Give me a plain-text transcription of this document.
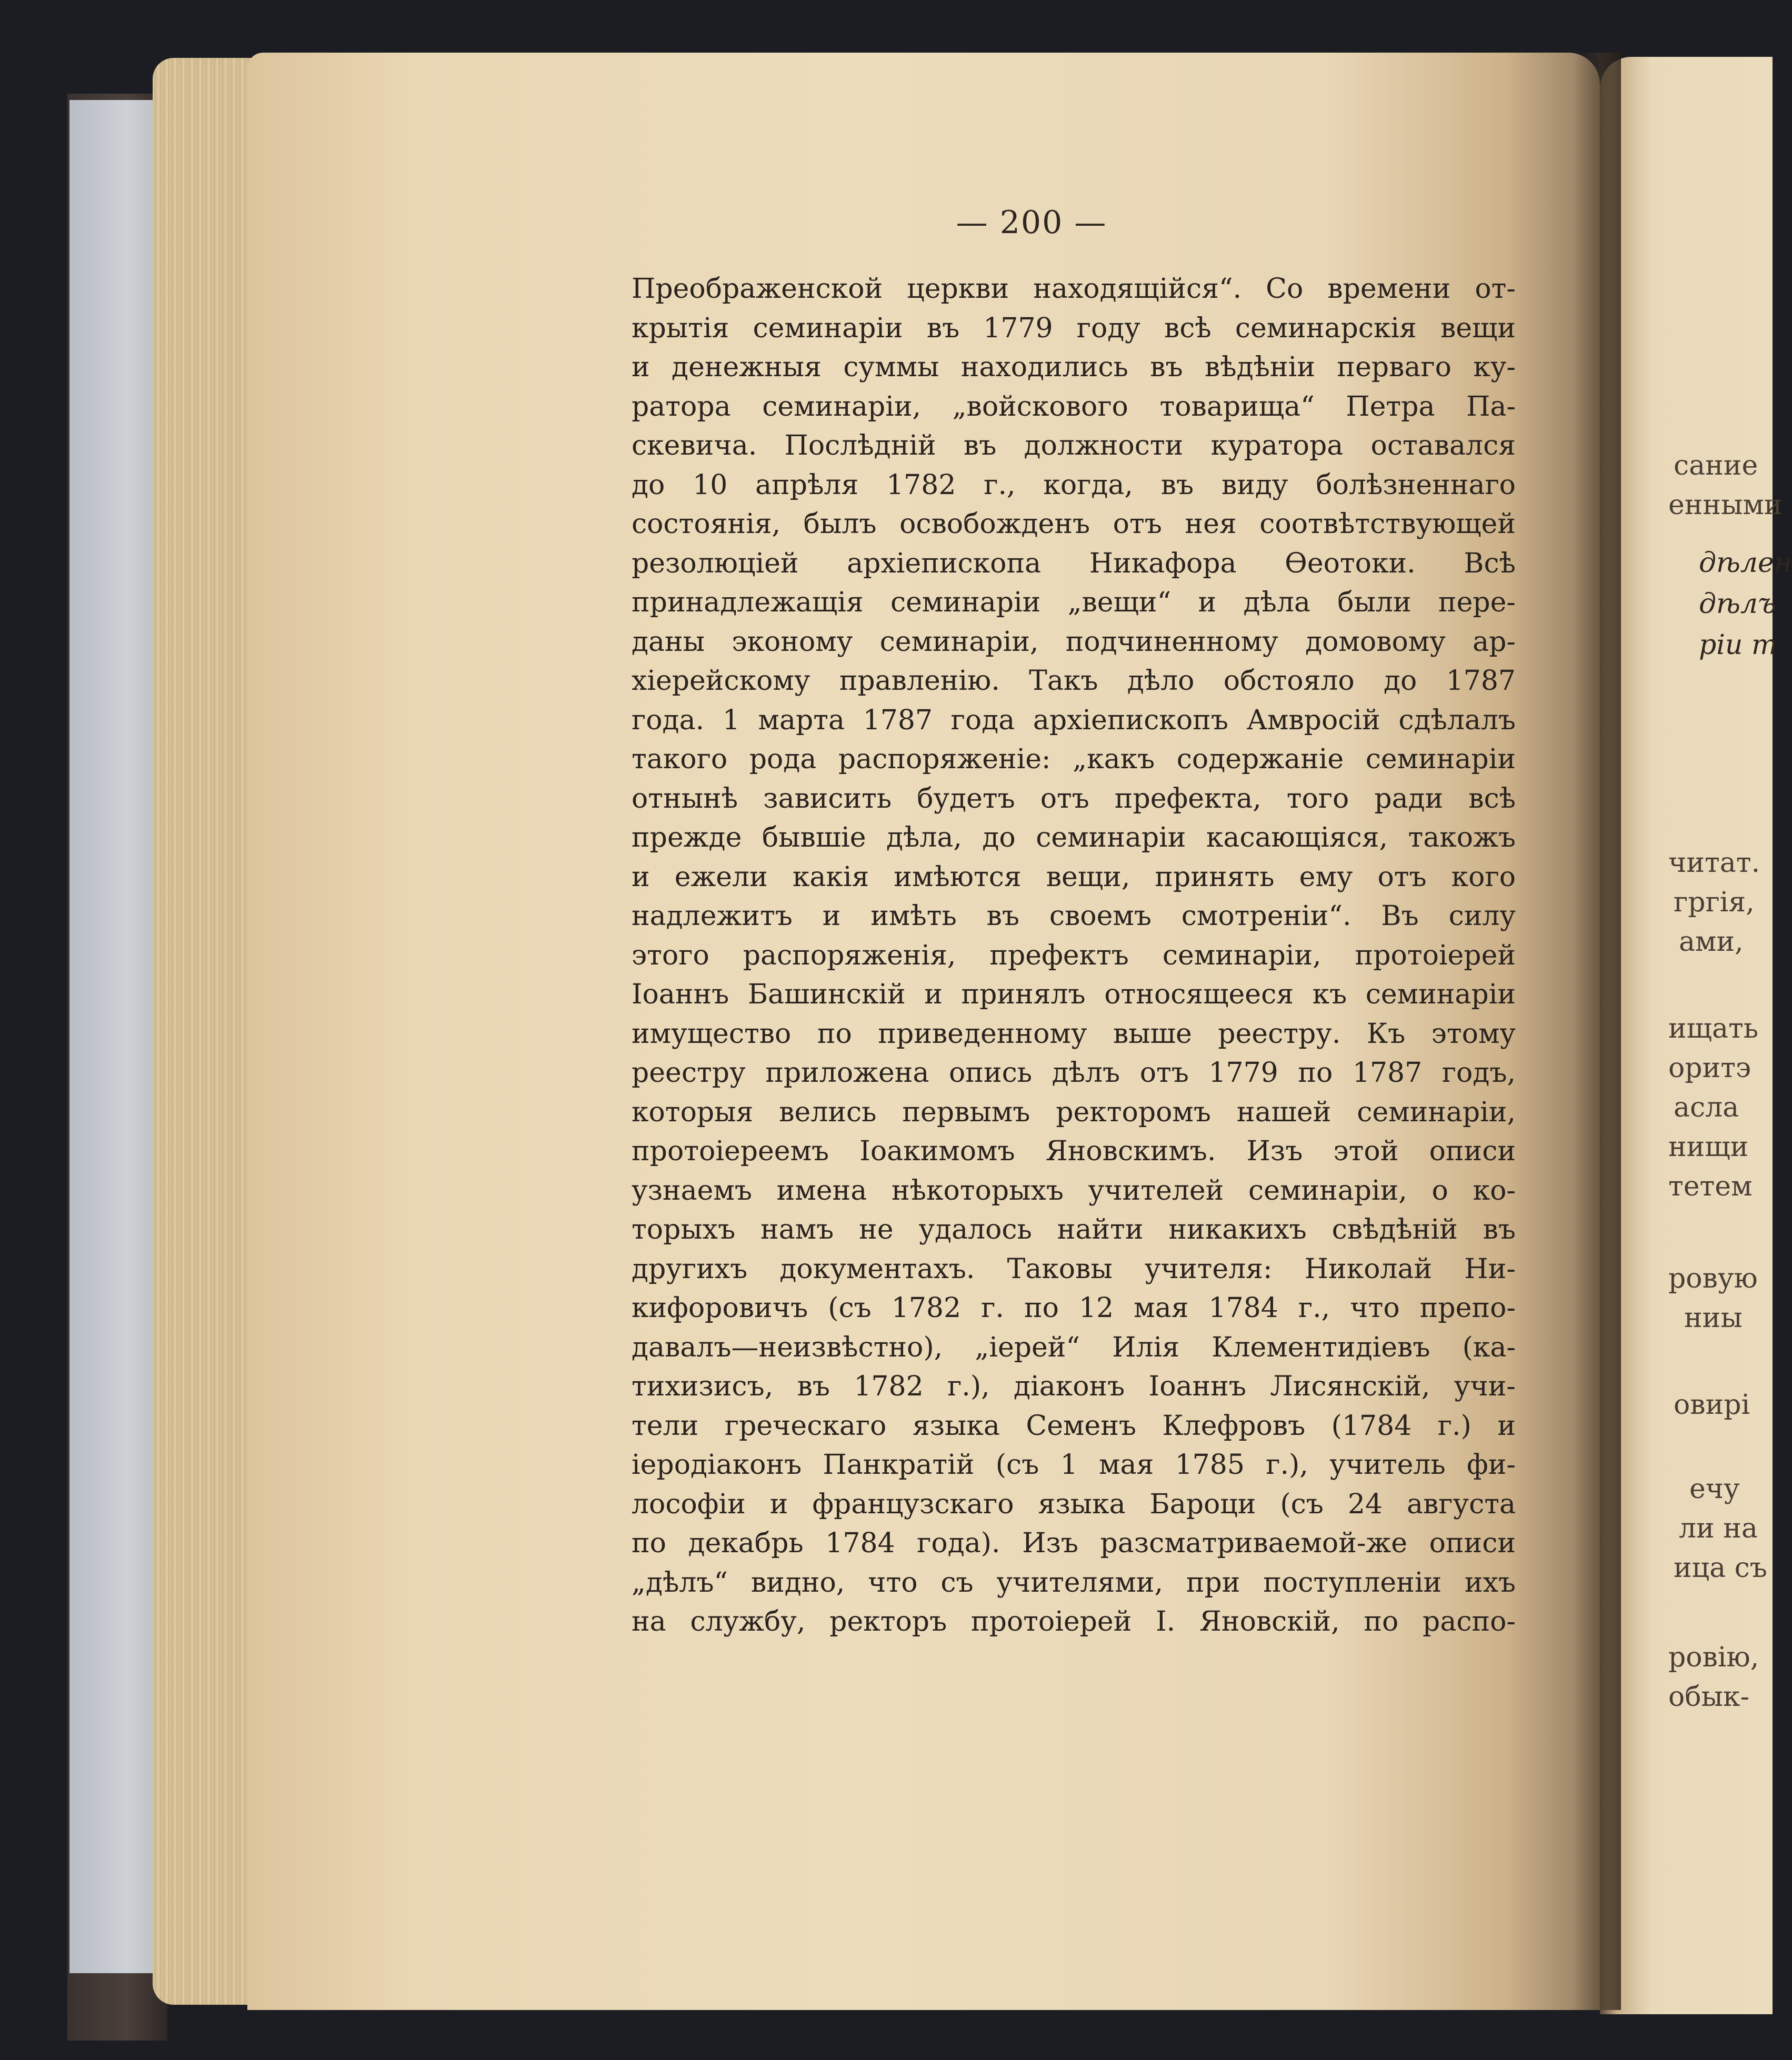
— 200 —
Преображенской церкви находящійся“. Со времени от-
крытія семинаріи въ 1779 году всѣ семинарскія вещи
и денежныя суммы находились въ вѣдѣніи перваго ку-
ратора семинаріи, „войскового товарища“ Петра Па-
скевича. Послѣдній въ должности куратора оставался
до 10 апрѣля 1782 г., когда, въ виду болѣзненнаго
состоянія, былъ освобожденъ отъ нея соотвѣтствующей
резолюціей архіепископа Никафора Ѳеотоки. Всѣ
принадлежащія семинаріи „вещи“ и дѣла были пере-
даны эконому семинаріи, подчиненному домовому ар-
хіерейскому правленію. Такъ дѣло обстояло до 1787
года. 1 марта 1787 года архіепископъ Амвросій сдѣлалъ
такого рода распоряженіе: „какъ содержаніе семинаріи
отнынѣ зависить будетъ отъ префекта, того ради всѣ
прежде бывшіе дѣла, до семинаріи касающіяся, такожъ
и ежели какія имѣются вещи, принять ему отъ кого
надлежитъ и имѣть въ своемъ смотреніи“. Въ силу
этого распоряженія, префектъ семинаріи, протоіерей
Іоаннъ Башинскій и принялъ относящееся къ семинаріи
имущество по приведенному выше реестру. Къ этому
реестру приложена опись дѣлъ отъ 1779 по 1787 годъ,
которыя велись первымъ ректоромъ нашей семинаріи,
протоіереемъ Іоакимомъ Яновскимъ. Изъ этой описи
узнаемъ имена нѣкоторыхъ учителей семинаріи, о ко-
торыхъ намъ не удалось найти никакихъ свѣдѣній въ
другихъ документахъ. Таковы учителя: Николай Ни-
кифоровичъ (съ 1782 г. по 12 мая 1784 г., что препо-
давалъ—неизвѣстно), „іерей“ Илія Клементидіевъ (ка-
тихизисъ, въ 1782 г.), діаконъ Іоаннъ Лисянскій, учи-
тели греческаго языка Семенъ Клефровъ (1784 г.) и
іеродіаконъ Панкратій (съ 1 мая 1785 г.), учитель фи-
лософіи и французскаго языка Бароци (съ 24 августа
по декабрь 1784 года). Изъ разсматриваемой-же описи
„дѣлъ“ видно, что съ учителями, при поступленіи ихъ
на службу, ректоръ протоіерей І. Яновскій, по распо-
сание
енными
дѣлен
дѣлъ
ріи т
читат.
гргія,
ами,
ищать
оритэ
асла
нищи
тетем
ровую
ниы
овирі
ечу
ли на
ица съ
ровію,
обык-
